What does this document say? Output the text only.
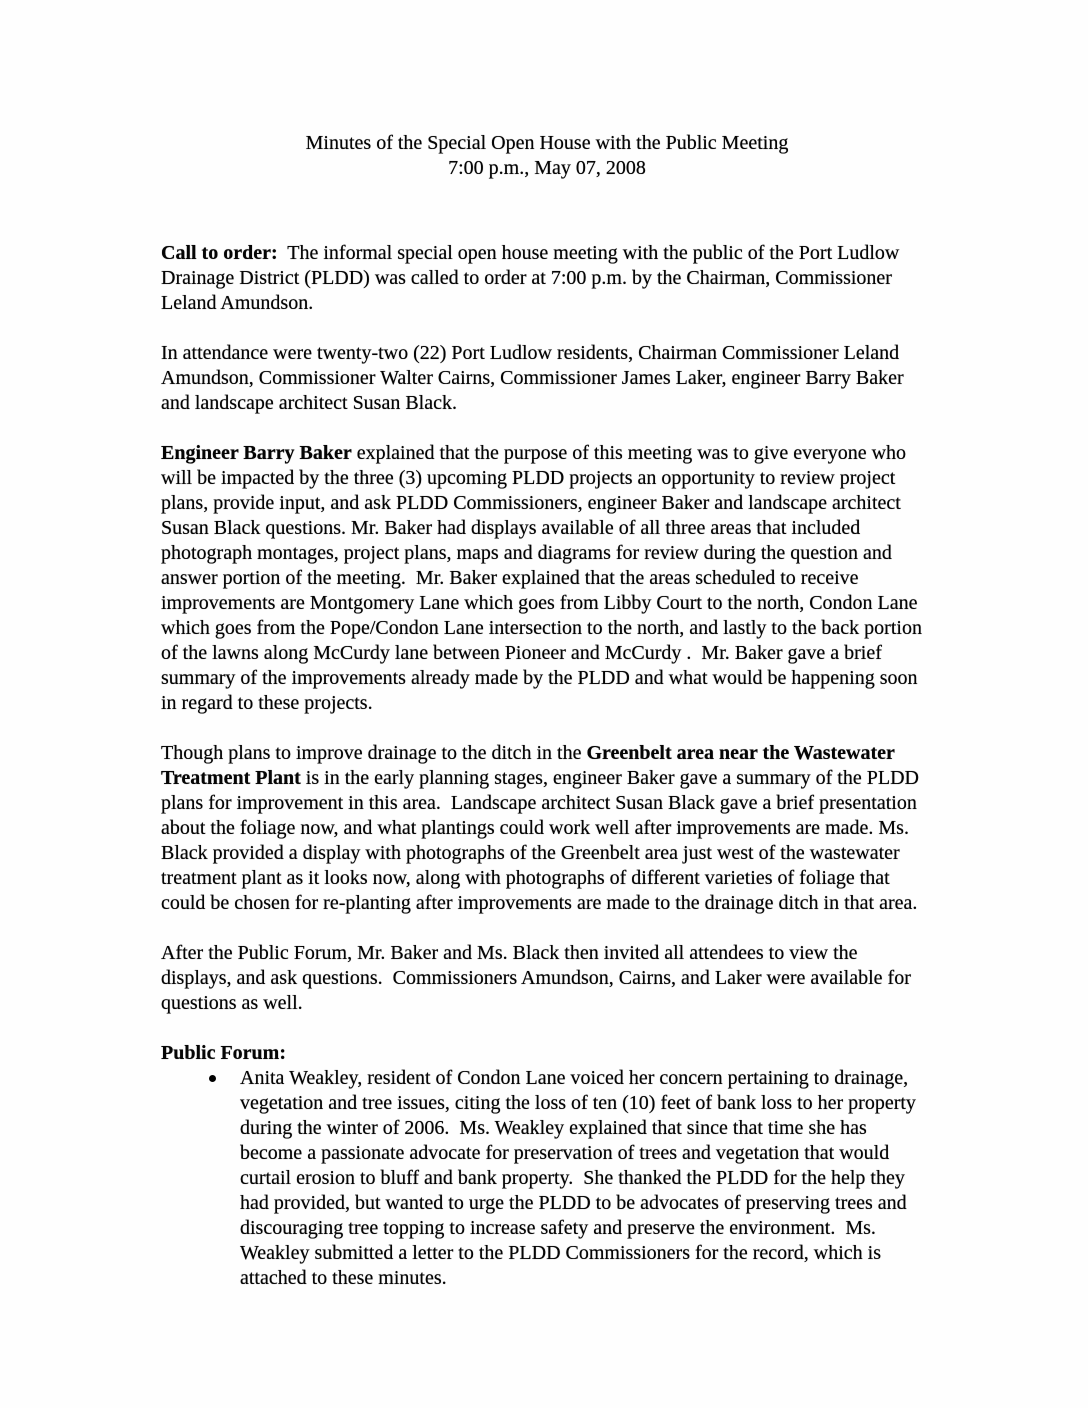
Minutes of the Special Open House with the Public Meeting
7:00 p.m., May 07, 2008

Call to order:  The informal special open house meeting with the public of the Port Ludlow Drainage District (PLDD) was called to order at 7:00 p.m. by the Chairman, Commissioner Leland Amundson.

In attendance were twenty-two (22) Port Ludlow residents, Chairman Commissioner Leland Amundson, Commissioner Walter Cairns, Commissioner James Laker, engineer Barry Baker and landscape architect Susan Black.

Engineer Barry Baker explained that the purpose of this meeting was to give everyone who will be impacted by the three (3) upcoming PLDD projects an opportunity to review project plans, provide input, and ask PLDD Commissioners, engineer Baker and landscape architect Susan Black questions. Mr. Baker had displays available of all three areas that included photograph montages, project plans, maps and diagrams for review during the question and answer portion of the meeting.  Mr. Baker explained that the areas scheduled to receive improvements are Montgomery Lane which goes from Libby Court to the north, Condon Lane which goes from the Pope/Condon Lane intersection to the north, and lastly to the back portion of the lawns along McCurdy lane between Pioneer and McCurdy .  Mr. Baker gave a brief summary of the improvements already made by the PLDD and what would be happening soon in regard to these projects.

Though plans to improve drainage to the ditch in the Greenbelt area near the Wastewater Treatment Plant is in the early planning stages, engineer Baker gave a summary of the PLDD plans for improvement in this area.  Landscape architect Susan Black gave a brief presentation about the foliage now, and what plantings could work well after improvements are made. Ms. Black provided a display with photographs of the Greenbelt area just west of the wastewater treatment plant as it looks now, along with photographs of different varieties of foliage that could be chosen for re-planting after improvements are made to the drainage ditch in that area.

After the Public Forum, Mr. Baker and Ms. Black then invited all attendees to view the displays, and ask questions.  Commissioners Amundson, Cairns, and Laker were available for questions as well.

Public Forum:

Anita Weakley, resident of Condon Lane voiced her concern pertaining to drainage, vegetation and tree issues, citing the loss of ten (10) feet of bank loss to her property during the winter of 2006.  Ms. Weakley explained that since that time she has become a passionate advocate for preservation of trees and vegetation that would curtail erosion to bluff and bank property.  She thanked the PLDD for the help they had provided, but wanted to urge the PLDD to be advocates of preserving trees and discouraging tree topping to increase safety and preserve the environment.  Ms. Weakley submitted a letter to the PLDD Commissioners for the record, which is attached to these minutes.
